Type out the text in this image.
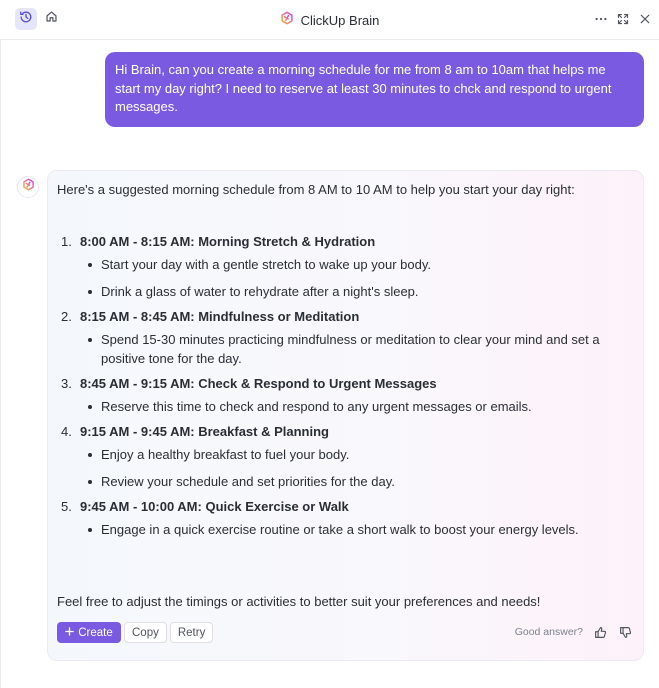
ClickUp Brain
Hi Brain, can you create a morning schedule for me from 8 am to 10am that helps me start my day right? I need to reserve at least 30 minutes to chck and respond to urgent messages.

Here's a suggested morning schedule from 8 AM to 10 AM to help you start your day right:

1. 8:00 AM - 8:15 AM: Morning Stretch & Hydration
Start your day with a gentle stretch to wake up your body.
Drink a glass of water to rehydrate after a night's sleep.
2. 8:15 AM - 8:45 AM: Mindfulness or Meditation
Spend 15-30 minutes practicing mindfulness or meditation to clear your mind and set a positive tone for the day.
3. 8:45 AM - 9:15 AM: Check & Respond to Urgent Messages
Reserve this time to check and respond to any urgent messages or emails.
4. 9:15 AM - 9:45 AM: Breakfast & Planning
Enjoy a healthy breakfast to fuel your body.
Review your schedule and set priorities for the day.
5. 9:45 AM - 10:00 AM: Quick Exercise or Walk
Engage in a quick exercise routine or take a short walk to boost your energy levels.

Feel free to adjust the timings or activities to better suit your preferences and needs!

Create	Copy	Retry	Good answer?
